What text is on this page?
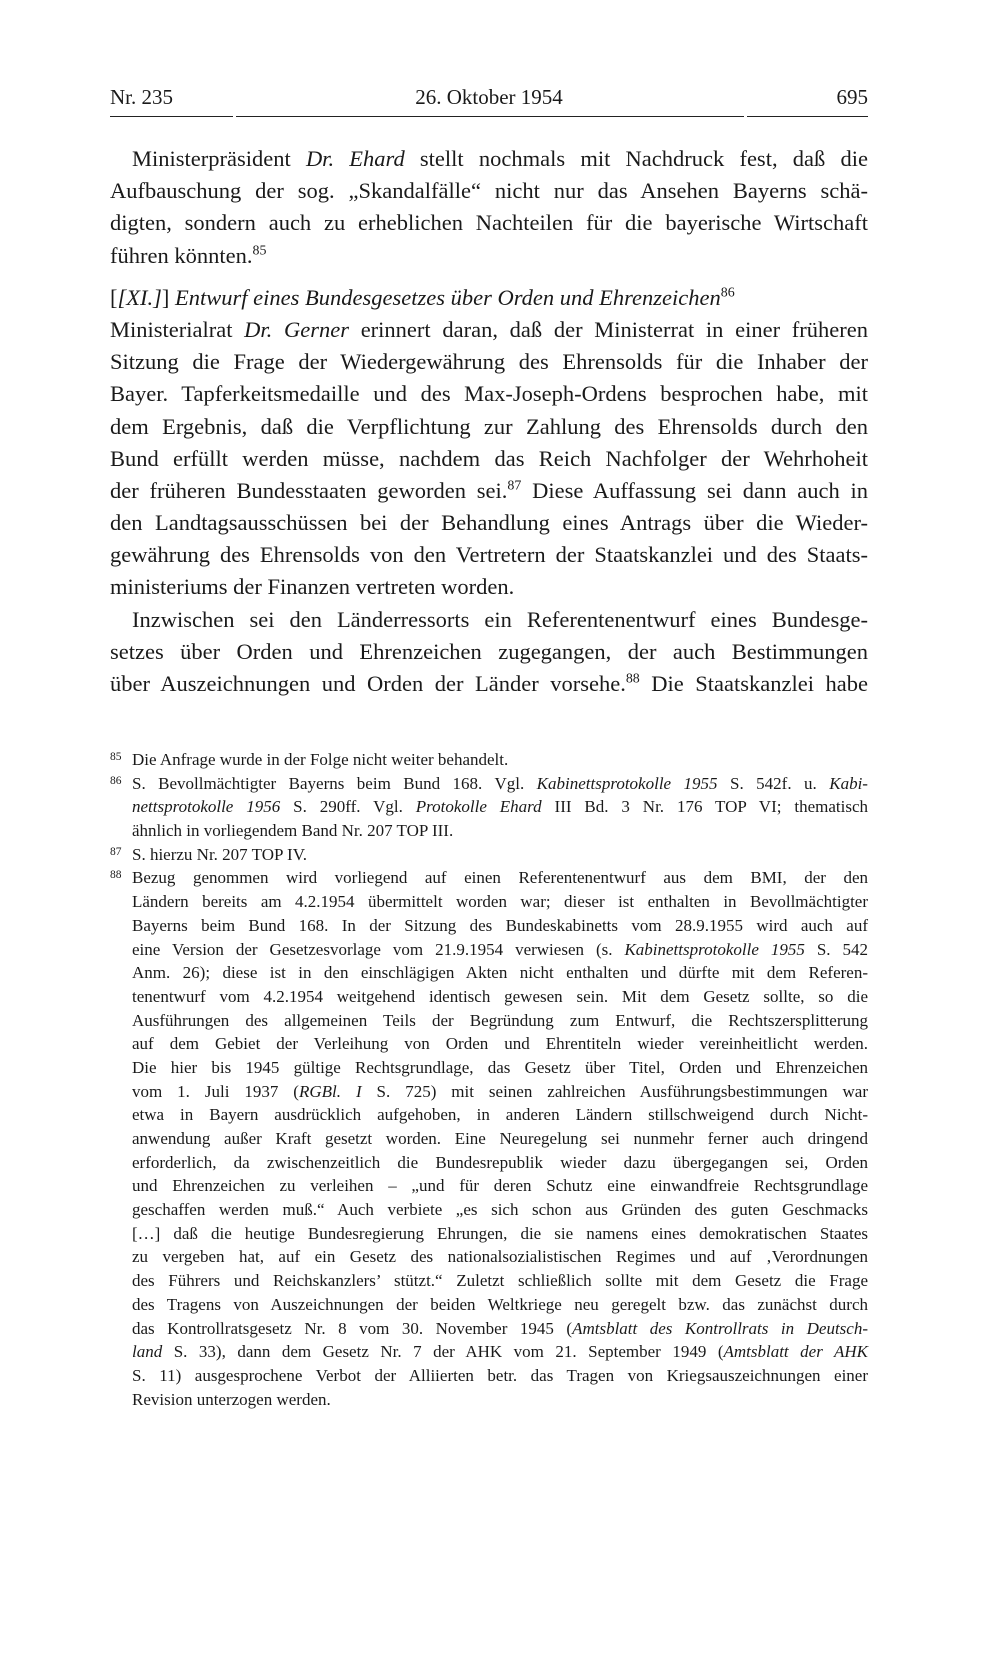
Nr. 235	26. Oktober 1954	695
Ministerpräsident Dr. Ehard stellt nochmals mit Nachdruck fest, daß die
Aufbauschung der sog. „Skandalfälle“ nicht nur das Ansehen Bayerns schä-
digten, sondern auch zu erheblichen Nachteilen für die bayerische Wirtschaft
führen könnten.$^{85}$
[[XI.]] Entwurf eines Bundesgesetzes über Orden und Ehrenzeichen$^{86}$
Ministerialrat Dr. Gerner erinnert daran, daß der Ministerrat in einer früheren
Sitzung die Frage der Wiedergewährung des Ehrensolds für die Inhaber der
Bayer. Tapferkeitsmedaille und des Max-Joseph-Ordens besprochen habe, mit
dem Ergebnis, daß die Verpflichtung zur Zahlung des Ehrensolds durch den
Bund erfüllt werden müsse, nachdem das Reich Nachfolger der Wehrhoheit
der früheren Bundesstaaten geworden sei.$^{87}$ Diese Auffassung sei dann auch in
den Landtagsausschüssen bei der Behandlung eines Antrags über die Wieder-
gewährung des Ehrensolds von den Vertretern der Staatskanzlei und des Staats-
ministeriums der Finanzen vertreten worden.
Inzwischen sei den Länderressorts ein Referentenentwurf eines Bundesge-
setzes über Orden und Ehrenzeichen zugegangen, der auch Bestimmungen
über Auszeichnungen und Orden der Länder vorsehe.$^{88}$ Die Staatskanzlei habe
85 Die Anfrage wurde in der Folge nicht weiter behandelt.
86 S. Bevollmächtigter Bayerns beim Bund 168. Vgl. Kabinettsprotokolle 1955 S. 542f. u. Kabi-
nettsprotokolle 1956 S. 290ff. Vgl. Protokolle Ehard III Bd. 3 Nr. 176 TOP VI; thematisch
ähnlich in vorliegendem Band Nr. 207 TOP III.
87 S. hierzu Nr. 207 TOP IV.
88 Bezug genommen wird vorliegend auf einen Referentenentwurf aus dem BMI, der den
Ländern bereits am 4.2.1954 übermittelt worden war; dieser ist enthalten in Bevollmächtigter
Bayerns beim Bund 168. In der Sitzung des Bundeskabinetts vom 28.9.1955 wird auch auf
eine Version der Gesetzesvorlage vom 21.9.1954 verwiesen (s. Kabinettsprotokolle 1955 S. 542
Anm. 26); diese ist in den einschlägigen Akten nicht enthalten und dürfte mit dem Referen-
tenentwurf vom 4.2.1954 weitgehend identisch gewesen sein. Mit dem Gesetz sollte, so die
Ausführungen des allgemeinen Teils der Begründung zum Entwurf, die Rechtszersplitterung
auf dem Gebiet der Verleihung von Orden und Ehrentiteln wieder vereinheitlicht werden.
Die hier bis 1945 gültige Rechtsgrundlage, das Gesetz über Titel, Orden und Ehrenzeichen
vom 1. Juli 1937 (RGBl. I S. 725) mit seinen zahlreichen Ausführungsbestimmungen war
etwa in Bayern ausdrücklich aufgehoben, in anderen Ländern stillschweigend durch Nicht-
anwendung außer Kraft gesetzt worden. Eine Neuregelung sei nunmehr ferner auch dringend
erforderlich, da zwischenzeitlich die Bundesrepublik wieder dazu übergegangen sei, Orden
und Ehrenzeichen zu verleihen – „und für deren Schutz eine einwandfreie Rechtsgrundlage
geschaffen werden muß.“ Auch verbiete „es sich schon aus Gründen des guten Geschmacks
[…] daß die heutige Bundesregierung Ehrungen, die sie namens eines demokratischen Staates
zu vergeben hat, auf ein Gesetz des nationalsozialistischen Regimes und auf ‚Verordnungen
des Führers und Reichskanzlers’ stützt.“ Zuletzt schließlich sollte mit dem Gesetz die Frage
des Tragens von Auszeichnungen der beiden Weltkriege neu geregelt bzw. das zunächst durch
das Kontrollratsgesetz Nr. 8 vom 30. November 1945 (Amtsblatt des Kontrollrats in Deutsch-
land S. 33), dann dem Gesetz Nr. 7 der AHK vom 21. September 1949 (Amtsblatt der AHK
S. 11) ausgesprochene Verbot der Alliierten betr. das Tragen von Kriegsauszeichnungen einer
Revision unterzogen werden.
